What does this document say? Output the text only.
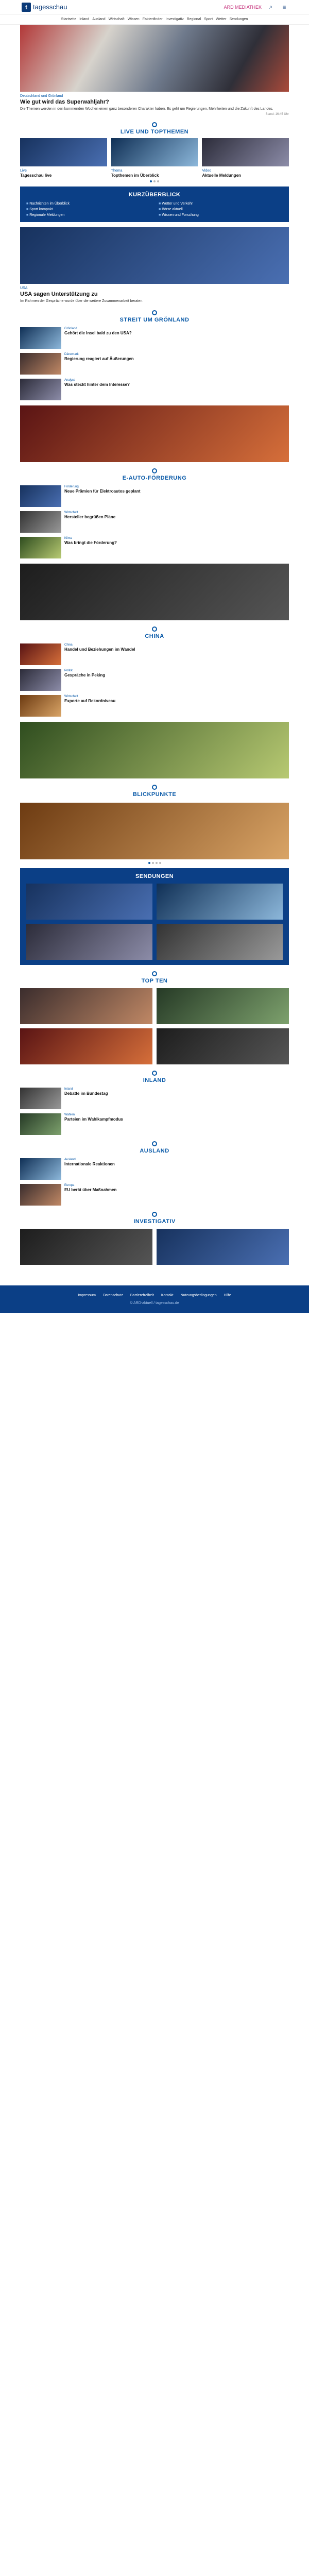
t tagesschau	ARD MEDIATHEK	⌕	≡
Startseite Inland Ausland Wirtschaft Wissen Faktenfinder Investigativ Regional Sport Wetter Sendungen
Deutschland und Grönland
Wie gut wird das Superwahljahr?
Die Themen werden in den kommenden Wochen einen ganz besonderen Charakter haben. Es geht um Regierungen, Mehrheiten und die Zukunft des Landes.
Stand: 16:45 Uhr
LIVE UND TOPTHEMEN
Live
Tagesschau live
Thema
Topthemen im Überblick
Video
Aktuelle Meldungen
KURZÜBERBLICK
■ Nachrichten im Überblick	■ Wetter und Verkehr
■ Sport kompakt	■ Börse aktuell
■ Regionale Meldungen	■ Wissen und Forschung
USA
USA sagen Unterstützung zu
Im Rahmen der Gespräche wurde über die weitere Zusammenarbeit beraten.
STREIT UM GRÖNLAND
Grönland
Gehört die Insel bald zu den USA?
Dänemark
Regierung reagiert auf Äußerungen
Analyse
Was steckt hinter dem Interesse?
E-AUTO-FÖRDERUNG
Förderung
Neue Prämien für Elektroautos geplant
Wirtschaft
Hersteller begrüßen Pläne
Klima
Was bringt die Förderung?
CHINA
China
Handel und Beziehungen im Wandel
Politik
Gespräche in Peking
Wirtschaft
Exporte auf Rekordniveau
BLICKPUNKTE
SENDUNGEN
TOP TEN
INLAND
Inland
Debatte im Bundestag
Wahlen
Parteien im Wahlkampfmodus
AUSLAND
Ausland
Internationale Reaktionen
Europa
EU berät über Maßnahmen
INVESTIGATIV
Impressum Datenschutz Barrierefreiheit Kontakt Nutzungsbedingungen Hilfe
© ARD-aktuell / tagesschau.de
